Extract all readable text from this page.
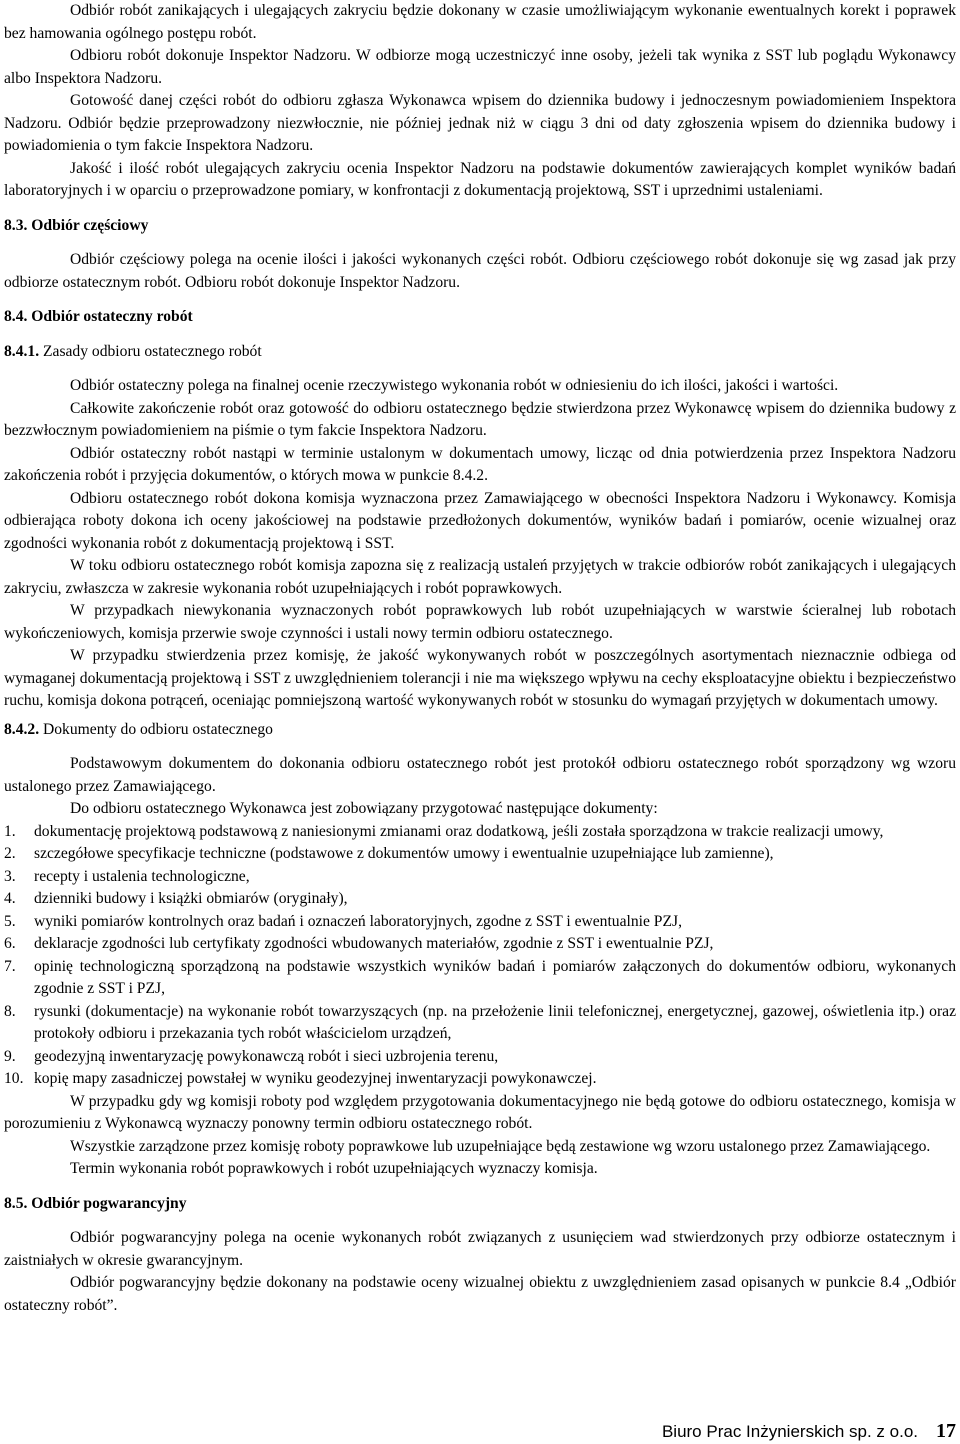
Odbiór robót zanikających i ulegających zakryciu będzie dokonany w czasie umożliwiającym wykonanie ewentualnych korekt i poprawek bez hamowania ogólnego postępu robót.

Odbioru robót dokonuje Inspektor Nadzoru. W odbiorze mogą uczestniczyć inne osoby, jeżeli tak wynika z SST lub poglądu Wykonawcy albo Inspektora Nadzoru.

Gotowość danej części robót do odbioru zgłasza Wykonawca wpisem do dziennika budowy i jednoczesnym powiadomieniem Inspektora Nadzoru. Odbiór będzie przeprowadzony niezwłocznie, nie później jednak niż w ciągu 3 dni od daty zgłoszenia wpisem do dziennika budowy i powiadomienia o tym fakcie Inspektora Nadzoru.

Jakość i ilość robót ulegających zakryciu ocenia Inspektor Nadzoru na podstawie dokumentów zawierających komplet wyników badań laboratoryjnych i w oparciu o przeprowadzone pomiary, w konfrontacji z dokumentacją projektową, SST i uprzednimi ustaleniami.

8.3. Odbiór częściowy

Odbiór częściowy polega na ocenie ilości i jakości wykonanych części robót. Odbioru częściowego robót dokonuje się wg zasad jak przy odbiorze ostatecznym robót. Odbioru robót dokonuje Inspektor Nadzoru.

8.4. Odbiór ostateczny robót
8.4.1. Zasady odbioru ostatecznego robót

Odbiór ostateczny polega na finalnej ocenie rzeczywistego wykonania robót w odniesieniu do ich ilości, jakości i wartości.

Całkowite zakończenie robót oraz gotowość do odbioru ostatecznego będzie stwierdzona przez Wykonawcę wpisem do dziennika budowy z bezzwłocznym powiadomieniem na piśmie o tym fakcie Inspektora Nadzoru.

Odbiór ostateczny robót nastąpi w terminie ustalonym w dokumentach umowy, licząc od dnia potwierdzenia przez Inspektora Nadzoru zakończenia robót i przyjęcia dokumentów, o których mowa w punkcie 8.4.2.

Odbioru ostatecznego robót dokona komisja wyznaczona przez Zamawiającego w obecności Inspektora Nadzoru i Wykonawcy. Komisja odbierająca roboty dokona ich oceny jakościowej na podstawie przedłożonych dokumentów, wyników badań i pomiarów, ocenie wizualnej oraz zgodności wykonania robót z dokumentacją projektową i SST.

W toku odbioru ostatecznego robót komisja zapozna się z realizacją ustaleń przyjętych w trakcie odbiorów robót zanikających i ulegających zakryciu, zwłaszcza w zakresie wykonania robót uzupełniających i robót poprawkowych.

W przypadkach niewykonania wyznaczonych robót poprawkowych lub robót uzupełniających w warstwie ścieralnej lub robotach wykończeniowych, komisja przerwie swoje czynności i ustali nowy termin odbioru ostatecznego.

W przypadku stwierdzenia przez komisję, że jakość wykonywanych robót w poszczególnych asortymentach nieznacznie odbiega od wymaganej dokumentacją projektową i SST z uwzględnieniem tolerancji i nie ma większego wpływu na cechy eksploatacyjne obiektu i bezpieczeństwo ruchu, komisja dokona potrąceń, oceniając pomniejszoną wartość wykonywanych robót w stosunku do wymagań przyjętych w dokumentach umowy.

8.4.2. Dokumenty do odbioru ostatecznego

Podstawowym dokumentem do dokonania odbioru ostatecznego robót jest protokół odbioru ostatecznego robót sporządzony wg wzoru ustalonego przez Zamawiającego.

Do odbioru ostatecznego Wykonawca jest zobowiązany przygotować następujące dokumenty:

1.	dokumentację projektową podstawową z naniesionymi zmianami oraz dodatkową, jeśli została sporządzona w trakcie realizacji umowy,
2.	szczegółowe specyfikacje techniczne (podstawowe z dokumentów umowy i ewentualnie uzupełniające lub zamienne),
3.	recepty i ustalenia technologiczne,
4.	dzienniki budowy i książki obmiarów (oryginały),
5.	wyniki pomiarów kontrolnych oraz badań i oznaczeń laboratoryjnych, zgodne z SST i ewentualnie PZJ,
6.	deklaracje zgodności lub certyfikaty zgodności wbudowanych materiałów, zgodnie z SST i ewentualnie PZJ,
7.	opinię technologiczną sporządzoną na podstawie wszystkich wyników badań i pomiarów załączonych do dokumentów odbioru, wykonanych zgodnie z SST i PZJ,
8.	rysunki (dokumentacje) na wykonanie robót towarzyszących (np. na przełożenie linii telefonicznej, energetycznej, gazowej, oświetlenia itp.) oraz protokoły odbioru i przekazania tych robót właścicielom urządzeń,
9.	geodezyjną inwentaryzację powykonawczą robót i sieci uzbrojenia terenu,
10. kopię mapy zasadniczej powstałej w wyniku geodezyjnej inwentaryzacji powykonawczej.

W przypadku gdy wg komisji roboty pod względem przygotowania dokumentacyjnego nie będą gotowe do odbioru ostatecznego, komisja w porozumieniu z Wykonawcą wyznaczy ponowny termin odbioru ostatecznego robót.

Wszystkie zarządzone przez komisję roboty poprawkowe lub uzupełniające będą zestawione wg wzoru ustalonego przez Zamawiającego.

Termin wykonania robót poprawkowych i robót uzupełniających wyznaczy komisja.

8.5. Odbiór pogwarancyjny

Odbiór pogwarancyjny polega na ocenie wykonanych robót związanych z usunięciem wad stwierdzonych przy odbiorze ostatecznym i zaistniałych w okresie gwarancyjnym.

Odbiór pogwarancyjny będzie dokonany na podstawie oceny wizualnej obiektu z uwzględnieniem zasad opisanych w punkcie 8.4 „Odbiór ostateczny robót”.

Biuro Prac Inżynierskich sp. z o.o. 17
